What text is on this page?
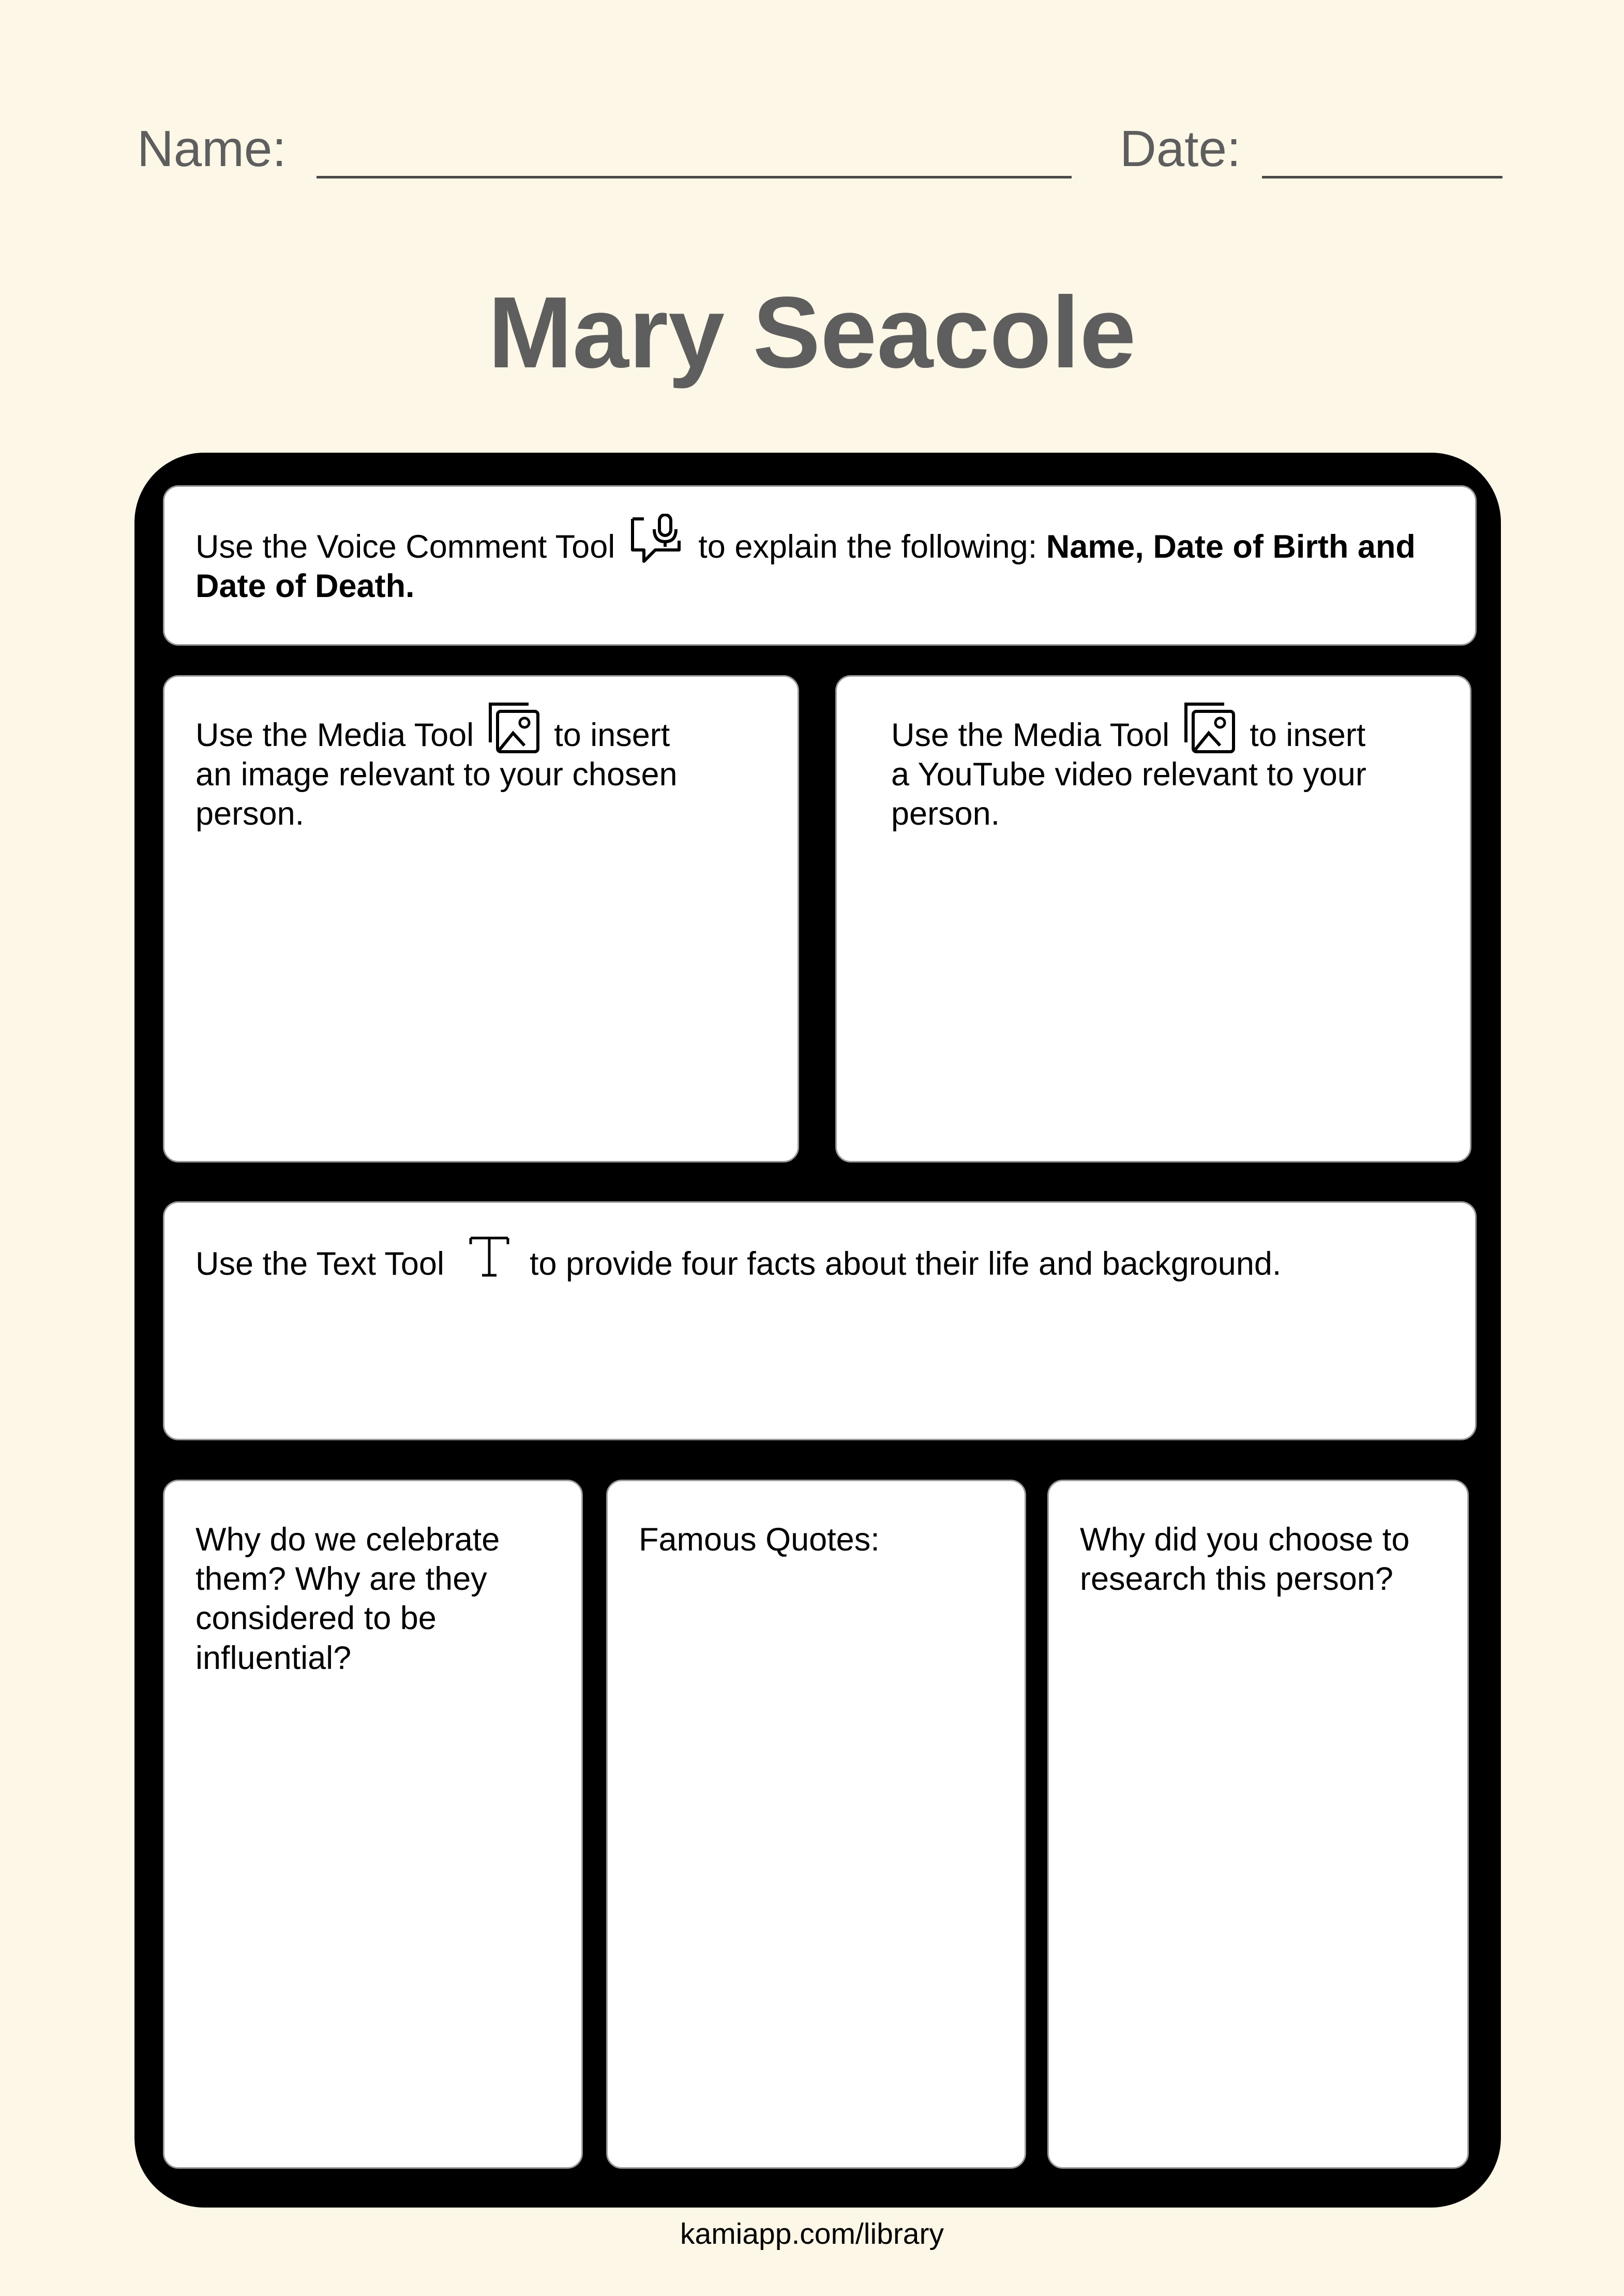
Name:	Date:
Mary Seacole
Use the Voice Comment Tool	to explain the following: Name, Date of Birth and Date of Death.
Use the Media Tool to insert an image relevant to your chosen person.
Use the Media Tool to insert a YouTube video relevant to your person.
Use the Text Tool	to provide four facts about their life and background.
Why do we celebrate them? Why are they considered to be influential?
Famous Quotes:	Why did you choose to research this person?
kamiapp.com/library
